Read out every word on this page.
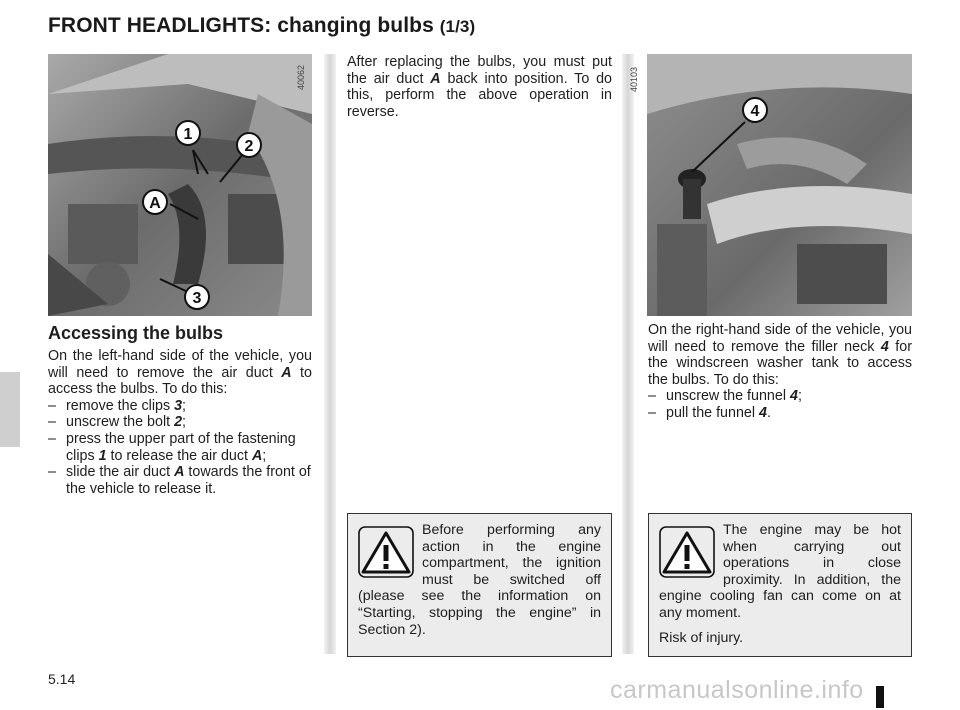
FRONT HEADLIGHTS: changing bulbs (1/3)
1
2
A
3
40062
4
40103
Accessing the bulbs

On the left-hand side of the vehicle, you will need to remove the air duct A to access the bulbs. To do this:

– remove the clips 3;
– unscrew the bolt 2;
– press the upper part of the fastening clips 1 to release the air duct A;
– slide the air duct A towards the front of the vehicle to release it.

After replacing the bulbs, you must put the air duct A back into position. To do this, perform the above operation in reverse.

On the right-hand side of the vehicle, you will need to remove the filler neck 4 for the windscreen washer tank to access the bulbs. To do this:

– unscrew the funnel 4;
– pull the funnel 4.

Before performing any action in the engine compartment, the ignition must be switched off (please see the information on “Starting, stopping the engine” in Section 2).

The engine may be hot when carrying out operations in close proximity. In addition, the engine cooling fan can come on at any moment.

Risk of injury.

5.14	carmanualsonline.info
